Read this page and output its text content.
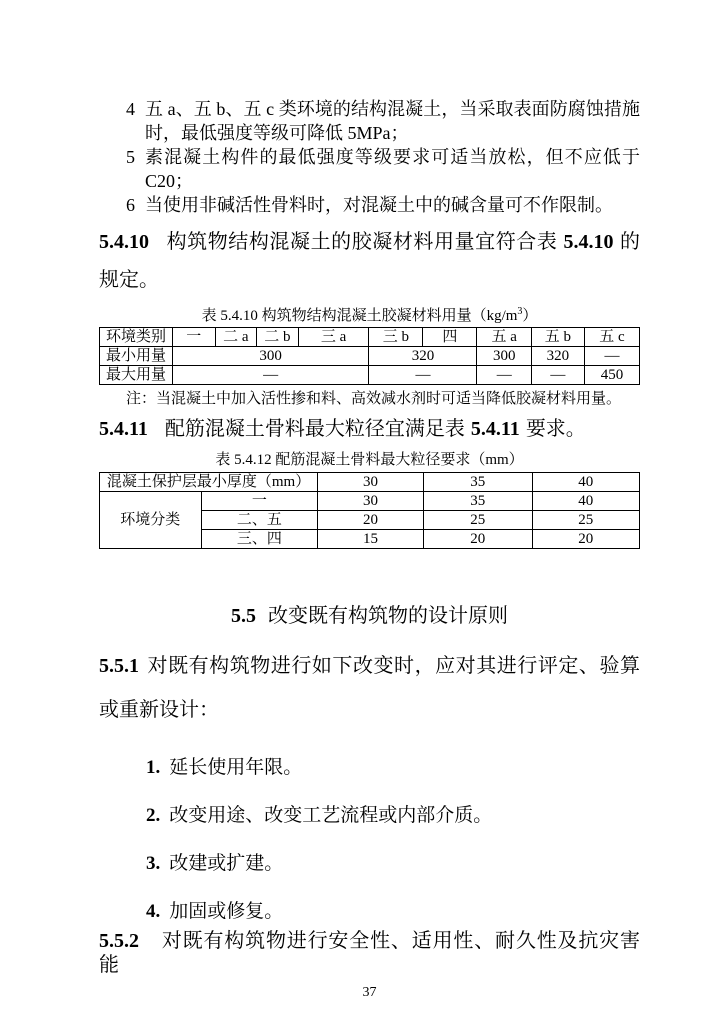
4 五 a、五 b、五 c 类环境的结构混凝土，当采取表面防腐蚀措施时，最低强度等级可降低 5MPa；
5 素混凝土构件的最低强度等级要求可适当放松，但不应低于 C20；
6 当使用非碱活性骨料时，对混凝土中的碱含量可不作限制。

5.4.10 构筑物结构混凝土的胶凝材料用量宜符合表 5.4.10 的规定。

表 5.4.10 构筑物结构混凝土胶凝材料用量$(kg/m^3)$

环境类别	一	二 a	二 b	三 a	三 b	四	五 a	五 b	五 c
最小用量	300				320		300	320	—
最大用量	—				—		—	—	450

注：当混凝土中加入活性掺和料、高效减水剂时可适当降低胶凝材料用量。

5.4.11 配筋混凝土骨料最大粒径宜满足表 5.4.11 要求。

表 5.4.12 配筋混凝土骨料最大粒径要求（mm）

混凝土保护层最小厚度（mm）		30	35	40
环境分类	一	30	35	40
	二、五	20	25	25
	三、四	15	20	20

5.5 改变既有构筑物的设计原则

5.5.1 对既有构筑物进行如下改变时，应对其进行评定、验算或重新设计：

1. 延长使用年限。

2. 改变用途、改变工艺流程或内部介质。

3. 改建或扩建。

4. 加固或修复。

5.5.2 对既有构筑物进行安全性、适用性、耐久性及抗灾害能

37
